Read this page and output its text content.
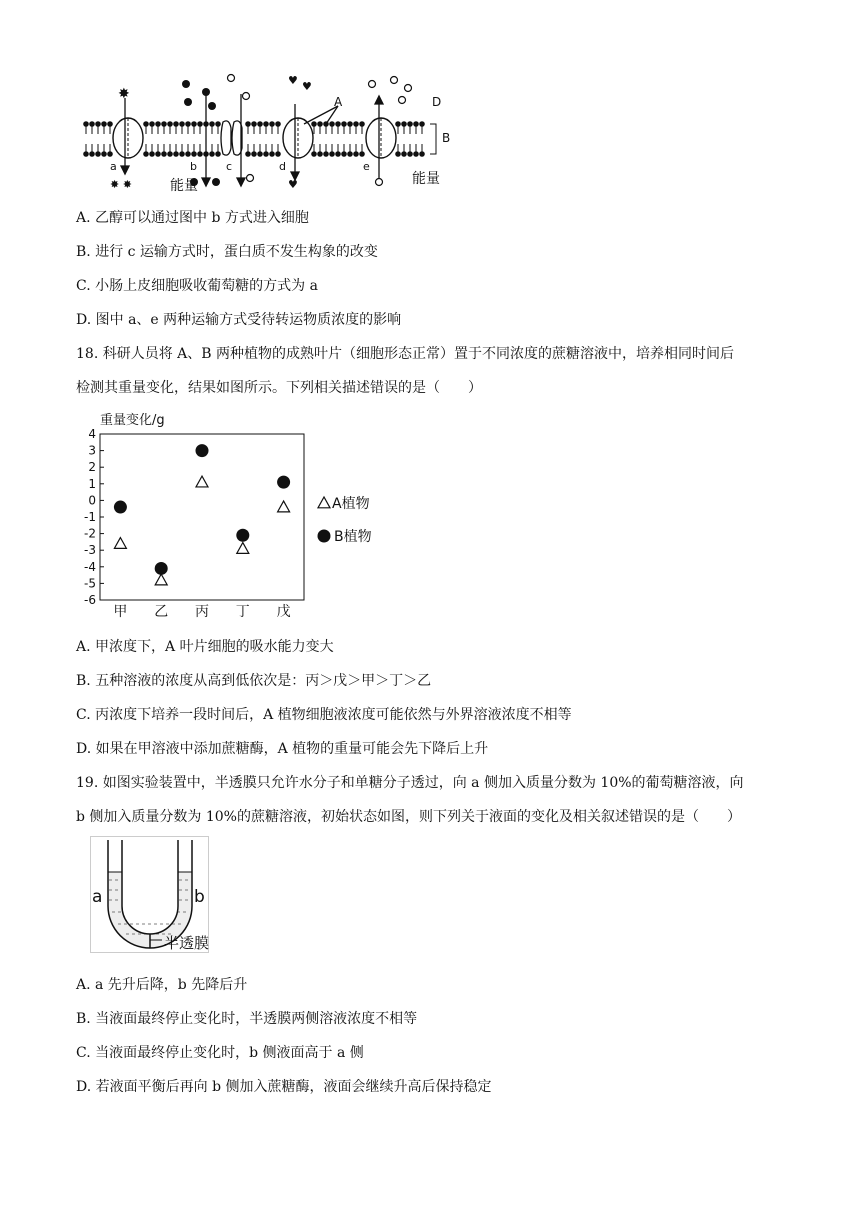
✸
✸ ✸
♥ ♥
♥
a	b	c	d	e
A	D
B
能量	能量
A. 乙醇可以通过图中 b 方式进入细胞
B. 进行 c 运输方式时，蛋白质不发生构象的改变
C. 小肠上皮细胞吸收葡萄糖的方式为 a
D. 图中 a、e 两种运输方式受待转运物质浓度的影响
18. 科研人员将 A、B 两种植物的成熟叶片（细胞形态正常）置于不同浓度的蔗糖溶液中，培养相同时间后
检测其重量变化，结果如图所示。下列相关描述错误的是（　　）
重量变化/g
4
3
2
1
0
-1
-2
-3
-4
-5
-6
甲 乙 丙 丁 戊
A植物
B植物
A. 甲浓度下，A 叶片细胞的吸水能力变大
B. 五种溶液的浓度从高到低依次是：丙＞戊＞甲＞丁＞乙
C. 丙浓度下培养一段时间后，A 植物细胞液浓度可能依然与外界溶液浓度不相等
D. 如果在甲溶液中添加蔗糖酶，A 植物的重量可能会先下降后上升
19. 如图实验装置中，半透膜只允许水分子和单糖分子透过，向 a 侧加入质量分数为 10%的葡萄糖溶液，向
b 侧加入质量分数为 10%的蔗糖溶液，初始状态如图，则下列关于液面的变化及相关叙述错误的是（　　）
a	b
半透膜
A. a 先升后降，b 先降后升
B. 当液面最终停止变化时，半透膜两侧溶液浓度不相等
C. 当液面最终停止变化时，b 侧液面高于 a 侧
D. 若液面平衡后再向 b 侧加入蔗糖酶，液面会继续升高后保持稳定
